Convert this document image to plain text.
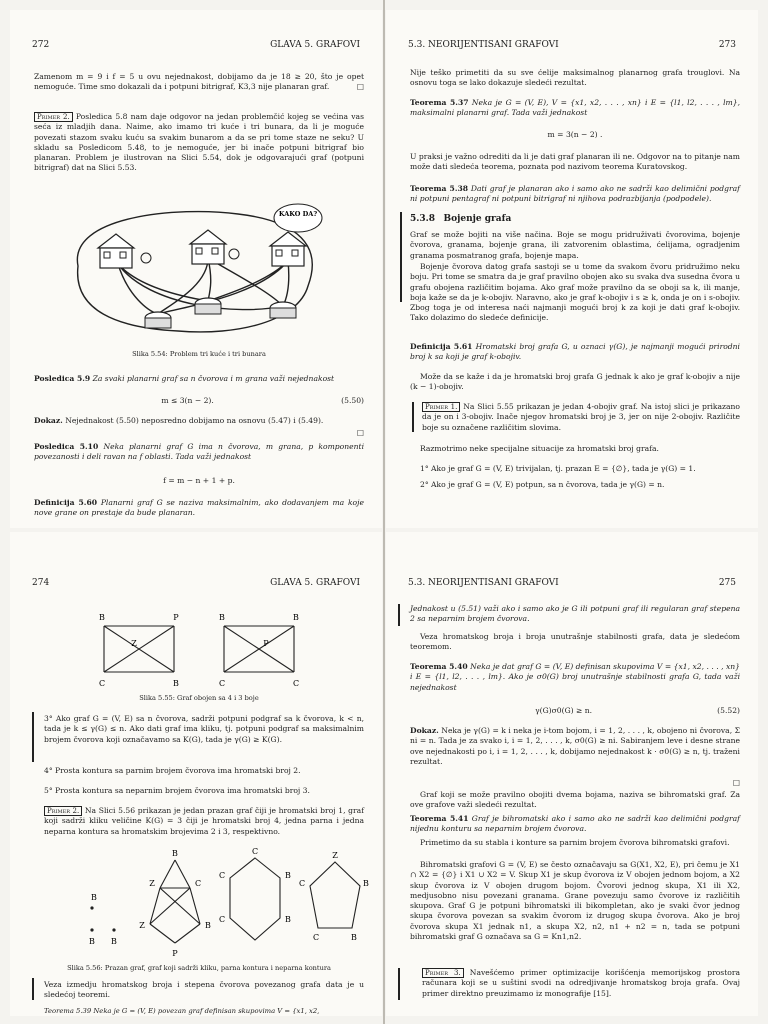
272	GLAVA 5. GRAFOVI
Zamenom m = 9 i f = 5 u ovu nejednakost, dobijamo da je 18 ≥ 20, što je opet nemoguće. Time smo dokazali da i potpuni bitrigraf, K3,3 nije planaran graf.	□
Primer 2. Posledica 5.8 nam daje odgovor na jedan problemčić kojeg se većina vas seća iz mladjih dana. Naime, ako imamo tri kuće i tri bunara, da li je moguće povezati stazom svaku kuću sa svakim bunarom a da se pri tome staze ne seku? U skladu sa Posledicom 5.48, to je nemoguće, jer bi inače potpuni bitrigraf bio planaran. Problem je ilustrovan na Slici 5.54, dok je odgovarajući graf (potpuni bitrigraf) dat na Slici 5.53.
KAKO DA?
Slika 5.54: Problem tri kuće i tri bunara
Posledica 5.9 Za svaki planarni graf sa n čvorova i m grana važi nejednakost
m ≤ 3(n − 2).	(5.50)
Dokaz. Nejednakost (5.50) neposredno dobijamo na osnovu (5.47) i (5.49).
□
Posledica 5.10 Neka planarni graf G ima n čvorova, m grana, p komponenti povezanosti i deli ravan na f oblasti. Tada važi jednakost
f = m − n + 1 + p.
Definicija 5.60 Planarni graf G se naziva maksimalnim, ako dodavanjem ma koje nove grane on prestaje da bude planaran.
5.3. NEORIJENTISANI GRAFOVI	273
Nije teško primetiti da su sve ćelije maksimalnog planarnog grafa trouglovi. Na osnovu toga se lako dokazuje sledeći rezultat.
Teorema 5.37 Neka je G = (V, E), V = {x1, x2, . . . , xn} i E = {l1, l2, . . . , lm}, maksimalni planarni graf. Tada važi jednakost
m = 3(n − 2) .
U praksi je važno odrediti da li je dati graf planaran ili ne. Odgovor na to pitanje nam može dati sledeća teorema, poznata pod nazivom teorema Kuratovskog.
Teorema 5.38 Dati graf je planaran ako i samo ako ne sadrži kao delimični podgraf ni potpuni pentagraf ni potpuni bitrigraf ni njihova podrazbijanja (podpodele).
5.3.8 Bojenje grafa
Graf se može bojiti na više načina. Boje se mogu pridruživati čvorovima, bojenje čvorova, granama, bojenje grana, ili zatvorenim oblastima, ćelijama, ogradjenim granama posmatranog grafa, bojenje mapa.
Bojenje čvorova datog grafa sastoji se u tome da svakom čvoru pridružimo neku boju. Pri tome se smatra da je graf pravilno obojen ako su svaka dva susedna čvora u grafu obojena različitim bojama. Ako graf može pravilno da se oboji sa k, ili manje, boja kaže se da je k-obojiv. Naravno, ako je graf k-obojiv i s ≥ k, onda je on i s-obojiv. Zbog toga je od interesa naći najmanji mogući broj k za koji je dati graf k-obojiv. Tako dolazimo do sledeće definicije.
Definicija 5.61 Hromatski broj grafa G, u oznaci γ(G), je najmanji mogući prirodni broj k sa koji je graf k-obojiv.
Može da se kaže i da je hromatski broj grafa G jednak k ako je graf k-obojiv a nije (k − 1)-obojiv.
Primer 1. Na Slici 5.55 prikazan je jedan 4-obojiv graf. Na istoj slici je prikazano da je on i 3-obojiv. Inače njegov hromatski broj je 3, jer on nije 2-obojiv. Različite boje su označene različitim slovima.
Razmotrimo neke specijalne situacije za hromatski broj grafa.
1° Ako je graf G = (V, E) trivijalan, tj. prazan E = {∅}, tada je γ(G) = 1.
2° Ako je graf G = (V, E) potpun, sa n čvorova, tada je γ(G) = n.
274	GLAVA 5. GRAFOVI
B	P
Z
C	B
B	B
P
C	C
Slika 5.55: Graf obojen sa 4 i 3 boje
3° Ako graf G = (V, E) sa n čvorova, sadrži potpuni podgraf sa k čvorova, k < n, tada je k ≤ γ(G) ≤ n. Ako dati graf ima kliku, tj. potpuni podgraf sa maksimalnim brojem čvorova koji označavamo sa K(G), tada je γ(G) ≥ K(G).
4° Prosta kontura sa parnim brojem čvorova ima hromatski broj 2.
5° Prosta kontura sa neparnim brojem čvorova ima hromatski broj 3.
Primer 2. Na Slici 5.56 prikazan je jedan prazan graf čiji je hromatski broj 1, graf koji sadrži kliku veličine K(G) = 3 čiji je hromatski broj 4, jedna parna i jedna neparna kontura sa hromatskim brojevima 2 i 3, respektivno.
B
B B
B
Z	C
Z	B
P
C
B
C
B
C
Z
C	B
C	B
Slika 5.56: Prazan graf, graf koji sadrži kliku, parna kontura i neparna kontura
Veza izmedju hromatskog broja i stepena čvorova povezanog grafa data je u sledećoj teoremi.
Teorema 5.39 Neka je G = (V, E) povezan graf definisan skupovima V = {x1, x2,
5.3. NEORIJENTISANI GRAFOVI	275
Jednakost u (5.51) važi ako i samo ako je G ili potpuni graf ili regularan graf stepena 2 sa neparnim brojem čvorova.
Veza hromatskog broja i broja unutrašnje stabilnosti grafa, data je sledećom teoremom.
Teorema 5.40 Neka je dat graf G = (V, E) definisan skupovima V = {x1, x2, . . . , xn} i E = {l1, l2, . . . , lm}. Ako je σ0(G) broj unutrašnje stabilnosti grafa G, tada važi nejednakost
γ(G)σ0(G) ≥ n.	(5.52)
Dokaz. Neka je γ(G) = k i neka je i-tom bojom, i = 1, 2, . . . , k, obojeno ni čvorova, Σ ni = n. Tada je za svako i, i = 1, 2, . . . , k, σ0(G) ≥ ni. Sabiranjem leve i desne strane ove nejednakosti po i, i = 1, 2, . . . , k, dobijamo nejednakost k · σ0(G) ≥ n, tj. traženi rezultat.
□
Graf koji se može pravilno obojiti dvema bojama, naziva se bihromatski graf. Za ove grafove važi sledeći rezultat.
Teorema 5.41 Graf je bihromatski ako i samo ako ne sadrži kao delimični podgraf nijednu konturu sa neparnim brojem čvorova.
Primetimo da su stabla i konture sa parnim brojem čvorova bihromatski grafovi.
Bihromatski grafovi G = (V, E) se često označavaju sa G(X1, X2, E), pri čemu je X1 ∩ X2 = {∅} i X1 ∪ X2 = V. Skup X1 je skup čvorova iz V obojen jednom bojom, a X2 skup čvorova iz V obojen drugom bojom. Čvorovi jednog skupa, X1 ili X2, medjusobno nisu povezani granama. Grane povezuju samo čvorove iz različitih skupova. Graf G je potpuni bihromatski ili bikompletan, ako je svaki čvor jednog skupa čvorova povezan sa svakim čvorom iz drugog skupa čvorova. Ako je broj čvorova skupa X1 jednak n1, a skupa X2, n2, n1 + n2 = n, tada se potpuni bihromatski graf G označava sa G = Kn1,n2.
Primer 3. Navešćemo primer optimizacije korišćenja memorijskog prostora računara koji se u suštini svodi na odredjivanje hromatskog broja grafa. Ovaj primer direktno preuzimamo iz monografije [15].
